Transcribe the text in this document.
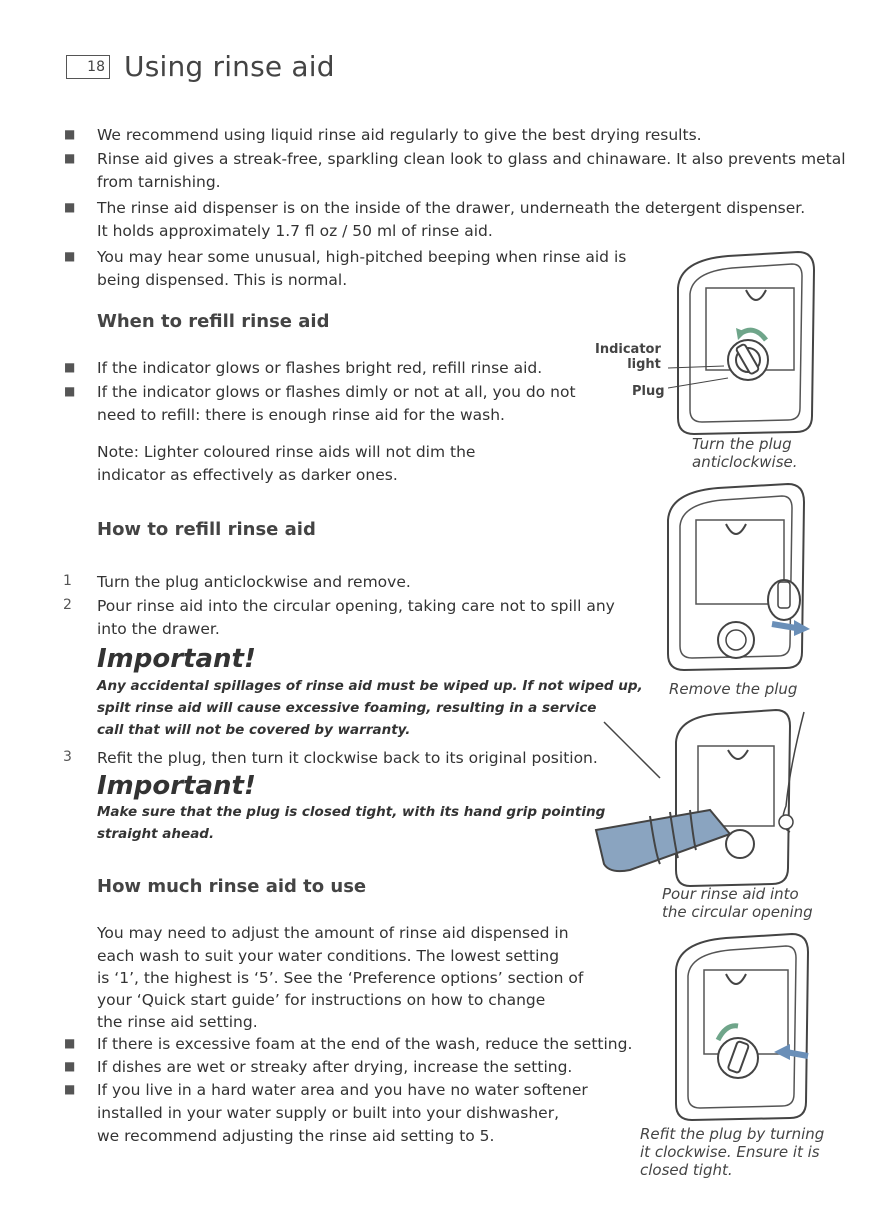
18 Using rinse aid
■ We recommend using liquid rinse aid regularly to give the best drying results.
■ Rinse aid gives a streak-free, sparkling clean look to glass and chinaware. It also prevents metal
from tarnishing.
■ The rinse aid dispenser is on the inside of the drawer, underneath the detergent dispenser.
It holds approximately 1.7 fl oz / 50 ml of rinse aid.
■ You may hear some unusual, high-pitched beeping when rinse aid is
being dispensed. This is normal.
When to refill rinse aid
■ If the indicator glows or flashes bright red, refill rinse aid.
■ If the indicator glows or flashes dimly or not at all, you do not
need to refill: there is enough rinse aid for the wash.
Note: Lighter coloured rinse aids will not dim the
indicator as effectively as darker ones.
How to refill rinse aid
1 Turn the plug anticlockwise and remove.
2 Pour rinse aid into the circular opening, taking care not to spill any
into the drawer.
Important!
Any accidental spillages of rinse aid must be wiped up. If not wiped up,
spilt rinse aid will cause excessive foaming, resulting in a service
call that will not be covered by warranty.
3 Refit the plug, then turn it clockwise back to its original position.
Important!
Make sure that the plug is closed tight, with its hand grip pointing
straight ahead.
How much rinse aid to use
You may need to adjust the amount of rinse aid dispensed in
each wash to suit your water conditions. The lowest setting
is ‘1’, the highest is ‘5’. See the ‘Preference options’ section of
your ‘Quick start guide’ for instructions on how to change
the rinse aid setting.
■ If there is excessive foam at the end of the wash, reduce the setting.
■ If dishes are wet or streaky after drying, increase the setting.
■ If you live in a hard water area and you have no water softener
installed in your water supply or built into your dishwasher,
we recommend adjusting the rinse aid setting to 5.
Indicator
light
Plug
Turn the plug
anticlockwise.
Remove the plug
Pour rinse aid into
the circular opening
Refit the plug by turning
it clockwise. Ensure it is
closed tight.
